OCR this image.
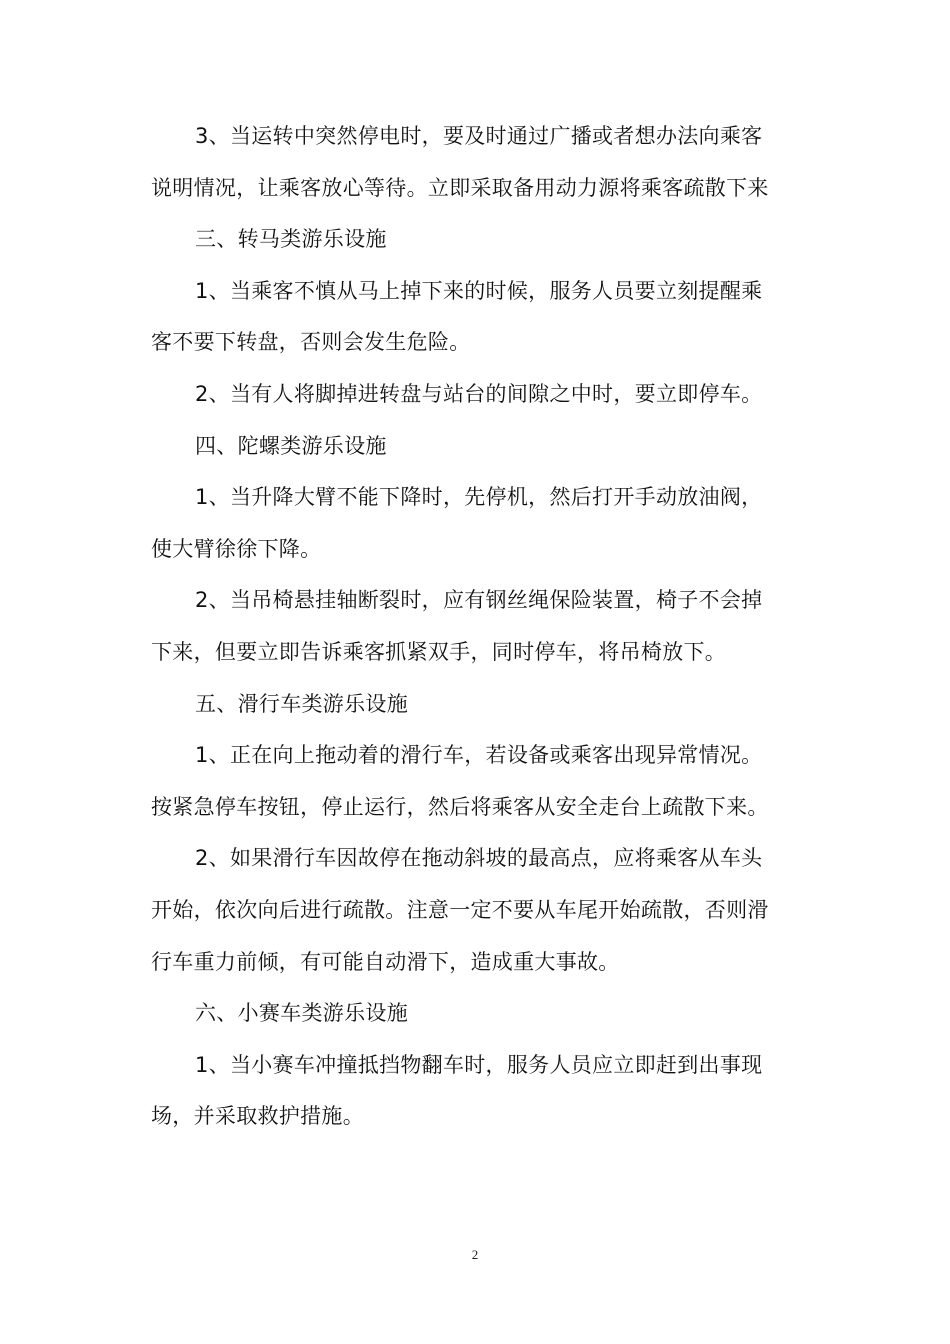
3、当运转中突然停电时，要及时通过广播或者想办法向乘客
说明情况，让乘客放心等待。立即采取备用动力源将乘客疏散下来
三、转马类游乐设施
1、当乘客不慎从马上掉下来的时候，服务人员要立刻提醒乘
客不要下转盘，否则会发生危险。
2、当有人将脚掉进转盘与站台的间隙之中时，要立即停车。
四、陀螺类游乐设施
1、当升降大臂不能下降时，先停机，然后打开手动放油阀，
使大臂徐徐下降。
2、当吊椅悬挂轴断裂时，应有钢丝绳保险装置，椅子不会掉
下来，但要立即告诉乘客抓紧双手，同时停车，将吊椅放下。
五、滑行车类游乐设施
1、正在向上拖动着的滑行车，若设备或乘客出现异常情况。
按紧急停车按钮，停止运行，然后将乘客从安全走台上疏散下来。
2、如果滑行车因故停在拖动斜坡的最高点，应将乘客从车头
开始，依次向后进行疏散。注意一定不要从车尾开始疏散，否则滑
行车重力前倾，有可能自动滑下，造成重大事故。
六、小赛车类游乐设施
1、当小赛车冲撞抵挡物翻车时，服务人员应立即赶到出事现
场，并采取救护措施。
2
